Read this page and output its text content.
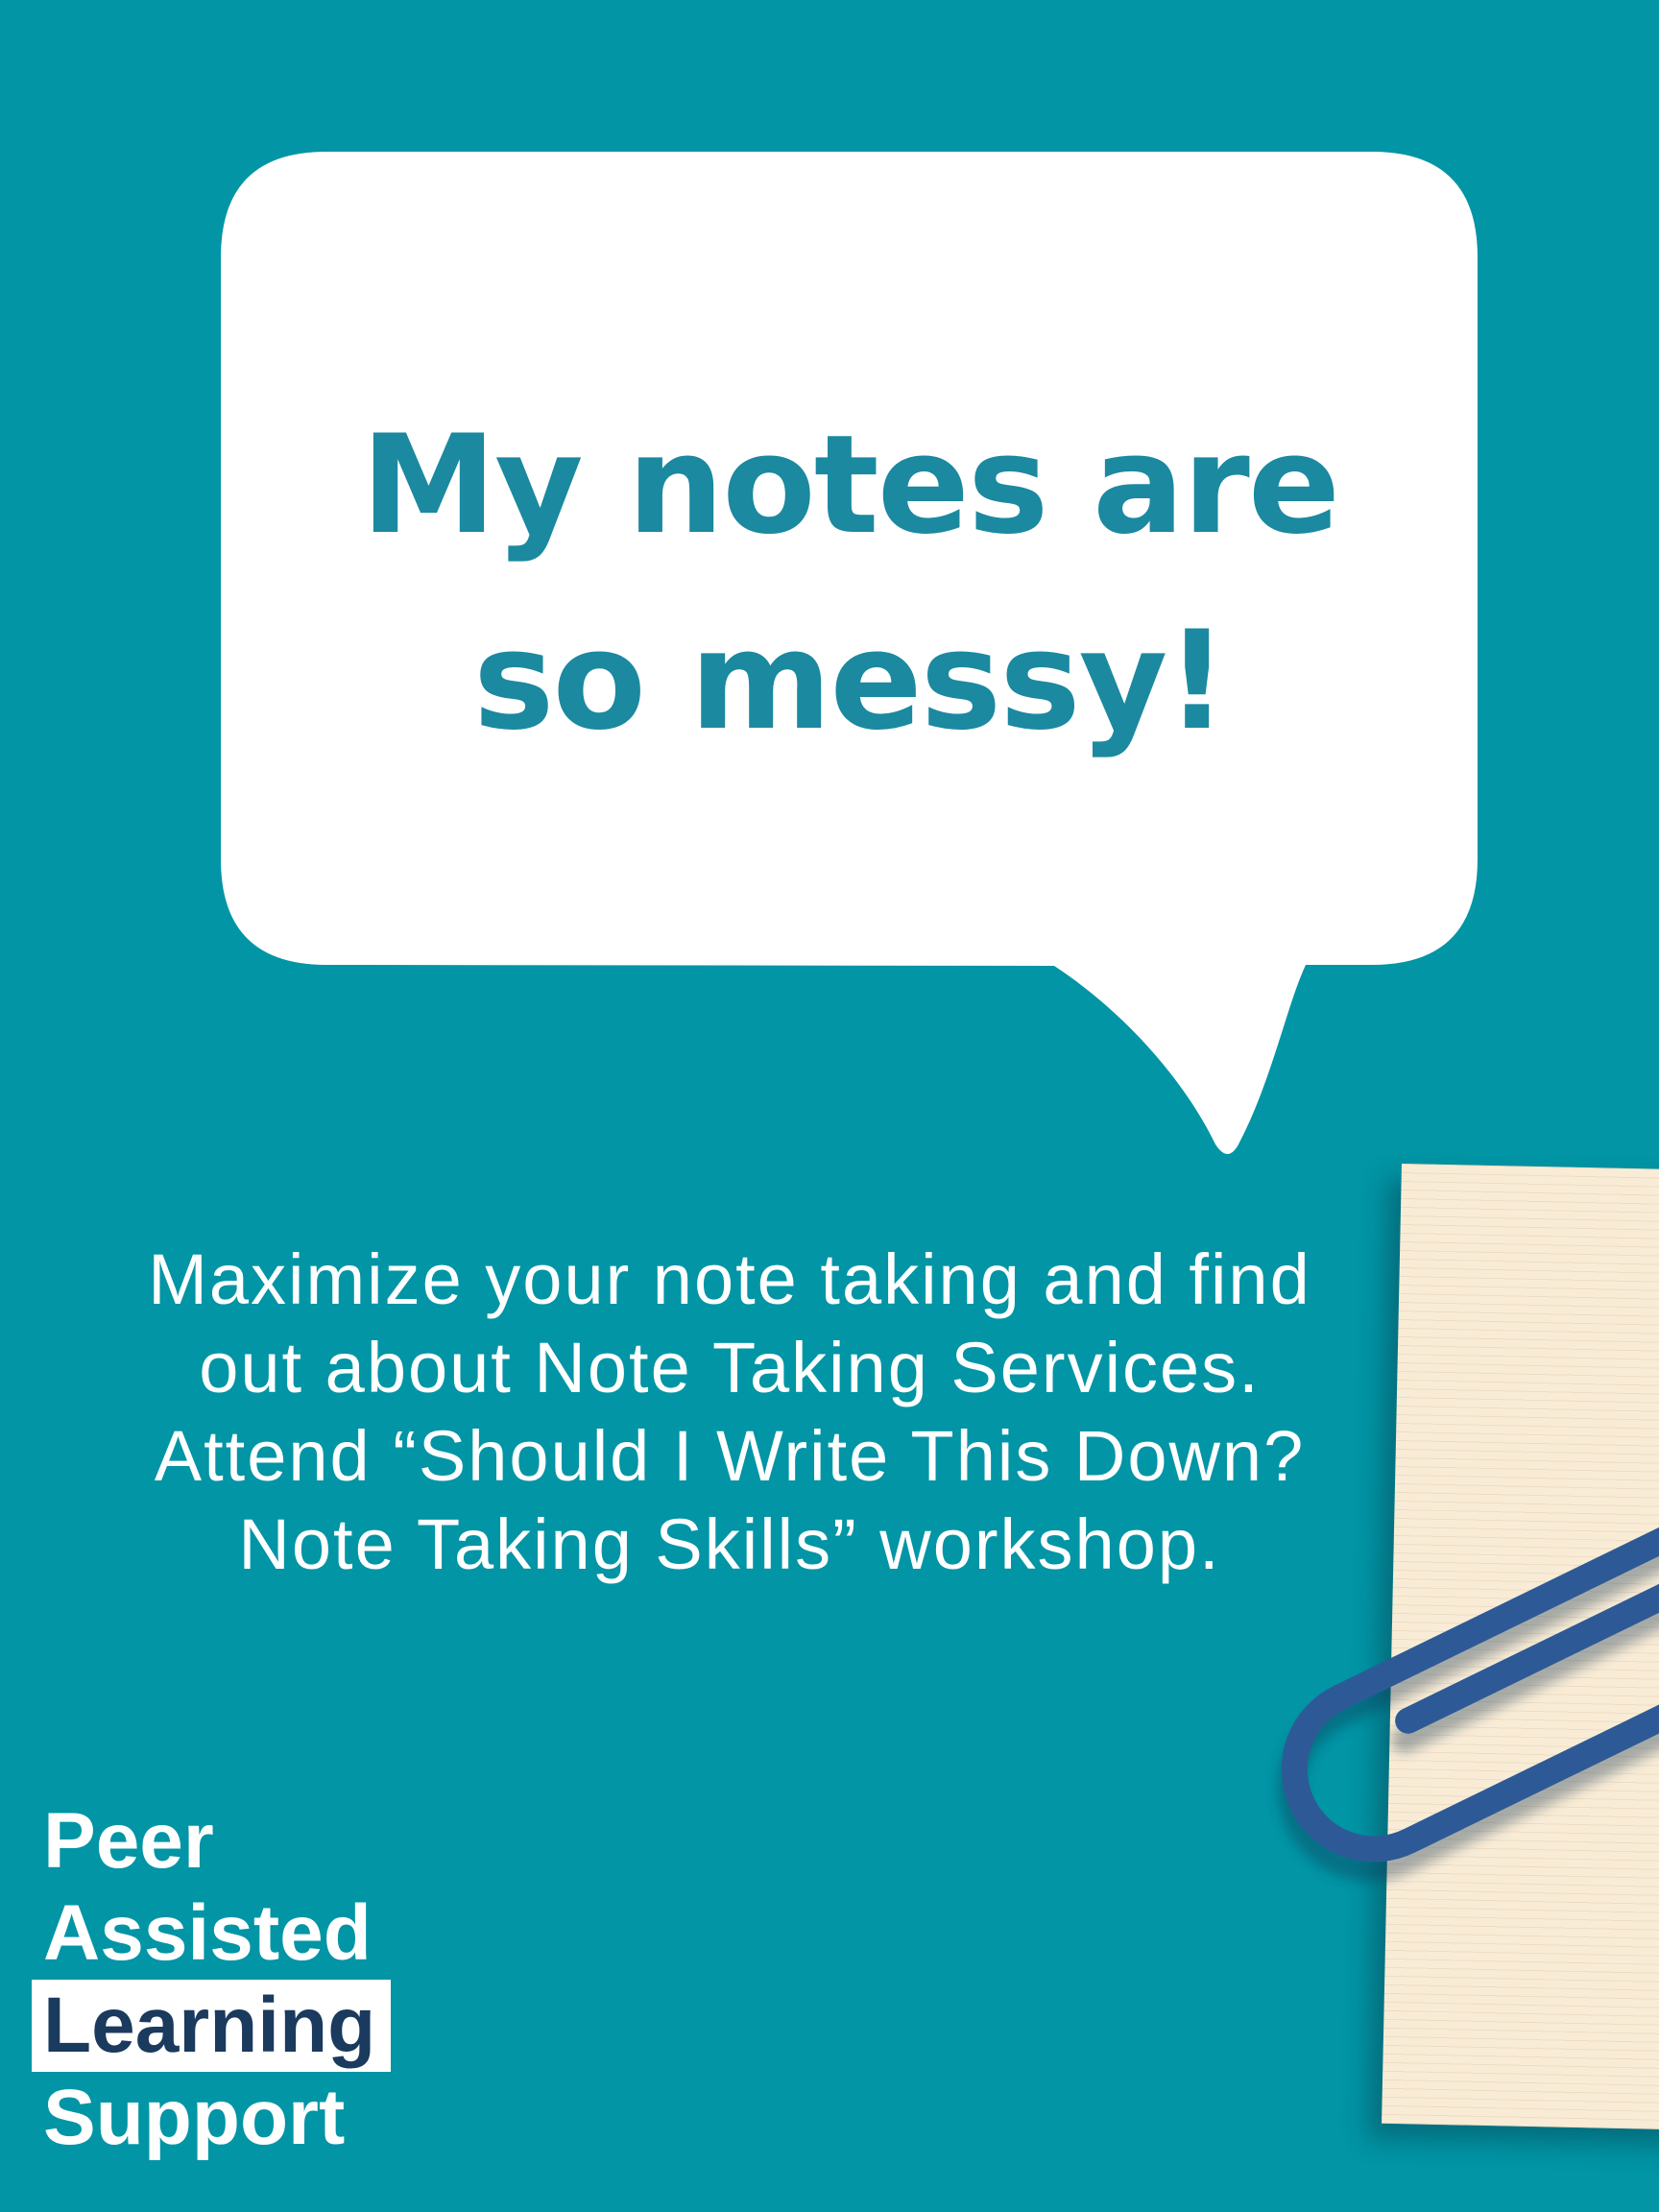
My notes are
so messy!
Maximize your note taking and find
out about Note Taking Services.
Attend “Should I Write This Down?
Note Taking Skills” workshop.
Peer
Assisted
Learning
Support
